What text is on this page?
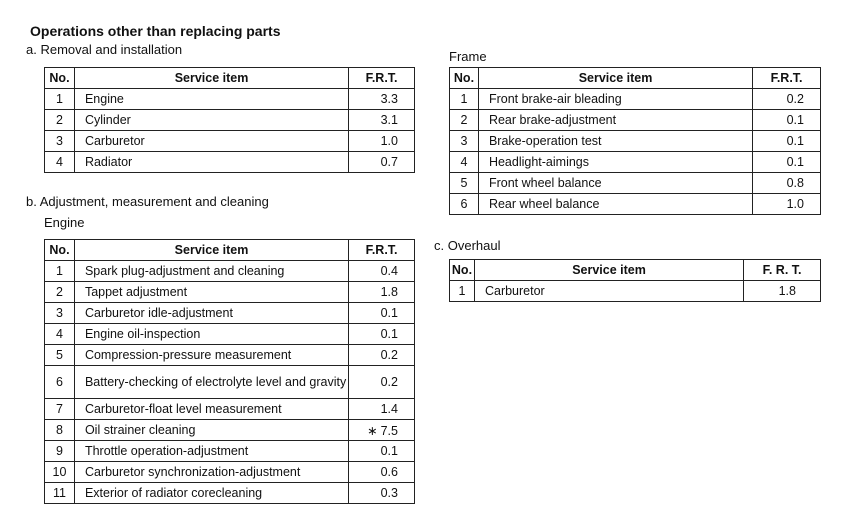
Operations other than replacing parts
a. Removal and installation	Frame
b. Adjustment, measurement and cleaning
Engine
c. Overhaul
No.	Service item	F.R.T.
1	Engine	3.3
2	Cylinder	3.1
3	Carburetor	1.0
4	Radiator	0.7
No.	Service item	F.R.T.
1	Front brake-air bleading	0.2
2	Rear brake-adjustment	0.1
3	Brake-operation test	0.1
4	Headlight-aimings	0.1
5	Front wheel balance	0.8
6	Rear wheel balance	1.0
No.	Service item	F.R.T.
1	Spark plug-adjustment and cleaning	0.4
2	Tappet adjustment	1.8
3	Carburetor idle-adjustment	0.1
4	Engine oil-inspection	0.1
5	Compression-pressure measurement	0.2
6	Battery-checking of electrolyte level and gravity	0.2
7	Carburetor-float level measurement	1.4
8	Oil strainer cleaning	∗ 7.5
9	Throttle operation-adjustment	0.1
10	Carburetor synchronization-adjustment	0.6
11	Exterior of radiator corecleaning	0.3
No.	Service item	F. R. T.
1	Carburetor	1.8
